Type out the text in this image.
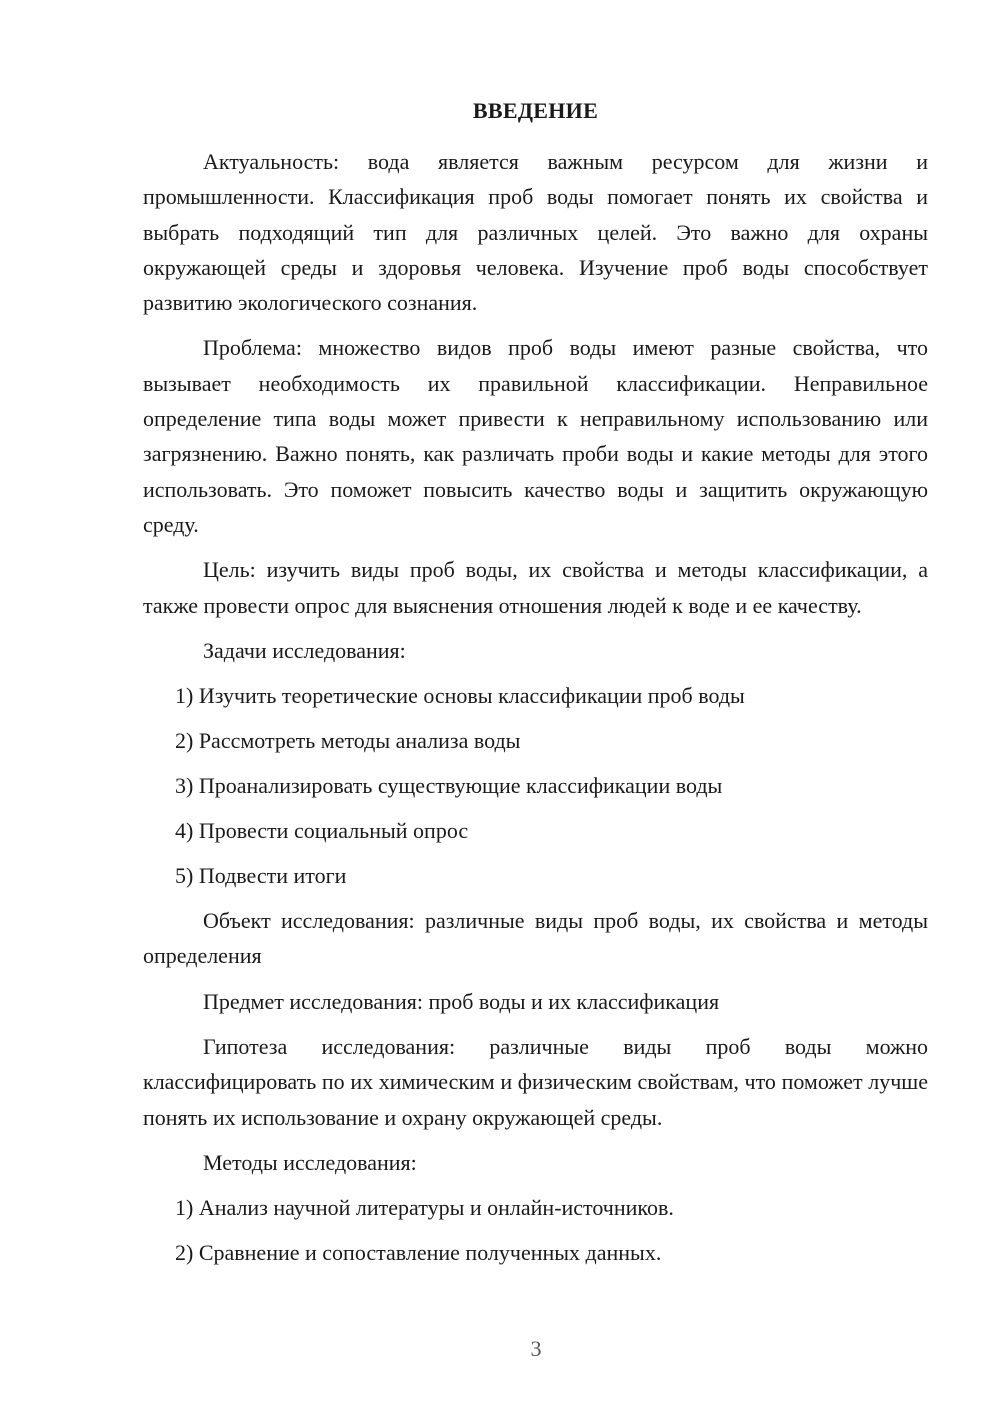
ВВЕДЕНИЕ

Актуальность: вода является важным ресурсом для жизни и промышленности. Классификация проб воды помогает понять их свойства и выбрать подходящий тип для различных целей. Это важно для охраны окружающей среды и здоровья человека. Изучение проб воды способствует развитию экологического сознания.

Проблема: множество видов проб воды имеют разные свойства, что вызывает необходимость их правильной классификации. Неправильное определение типа воды может привести к неправильному использованию или загрязнению. Важно понять, как различать проби воды и какие методы для этого использовать. Это поможет повысить качество воды и защитить окружающую среду.

Цель: изучить виды проб воды, их свойства и методы классификации, а также провести опрос для выяснения отношения людей к воде и ее качеству.

Задачи исследования:

1) Изучить теоретические основы классификации проб воды

2) Рассмотреть методы анализа воды

3) Проанализировать существующие классификации воды

4) Провести социальный опрос

5) Подвести итоги

Объект исследования: различные виды проб воды, их свойства и методы определения

Предмет исследования: проб воды и их классификация

Гипотеза исследования: различные виды проб воды можно классифицировать по их химическим и физическим свойствам, что поможет лучше понять их использование и охрану окружающей среды.

Методы исследования:

1) Анализ научной литературы и онлайн-источников.

2) Сравнение и сопоставление полученных данных.

3
